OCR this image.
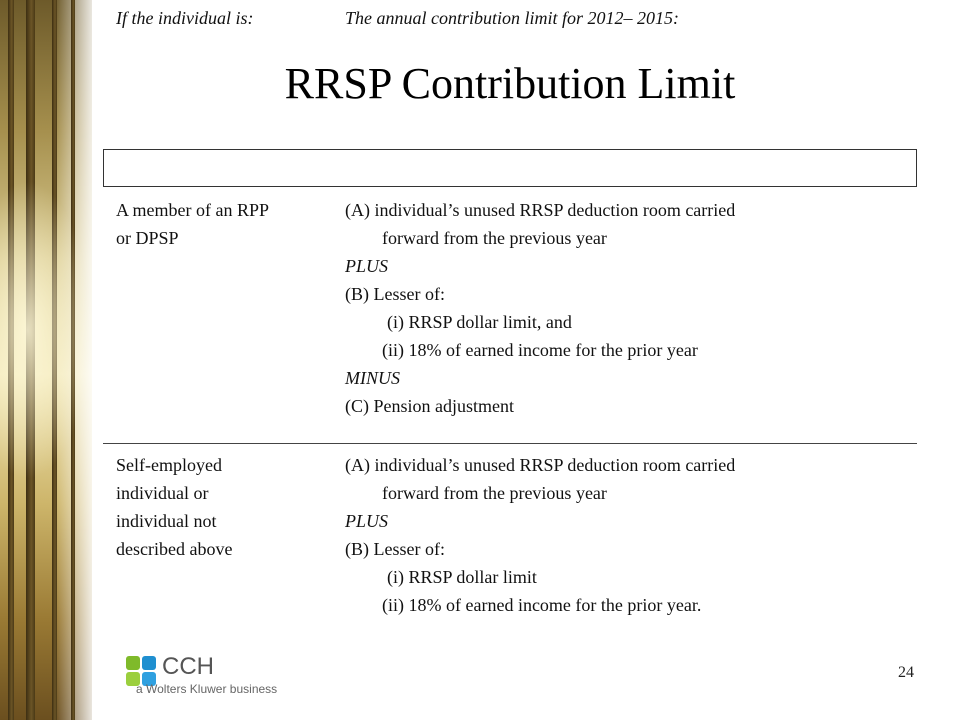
RRSP Contribution Limit
If the individual is:	The annual contribution limit for 2012– 2015:
A member of an RPP
or DPSP
(A) individual’s unused RRSP deduction room carried
forward from the previous year
PLUS
(B) Lesser of:
(i) RRSP dollar limit, and
(ii) 18% of earned income for the prior year
MINUS
(C) Pension adjustment
Self-employed
individual or
individual not
described above
(A) individual’s unused RRSP deduction room carried
forward from the previous year
PLUS
(B) Lesser of:
(i) RRSP dollar limit
(ii) 18% of earned income for the prior year.
CCH
a Wolters Kluwer business
24
